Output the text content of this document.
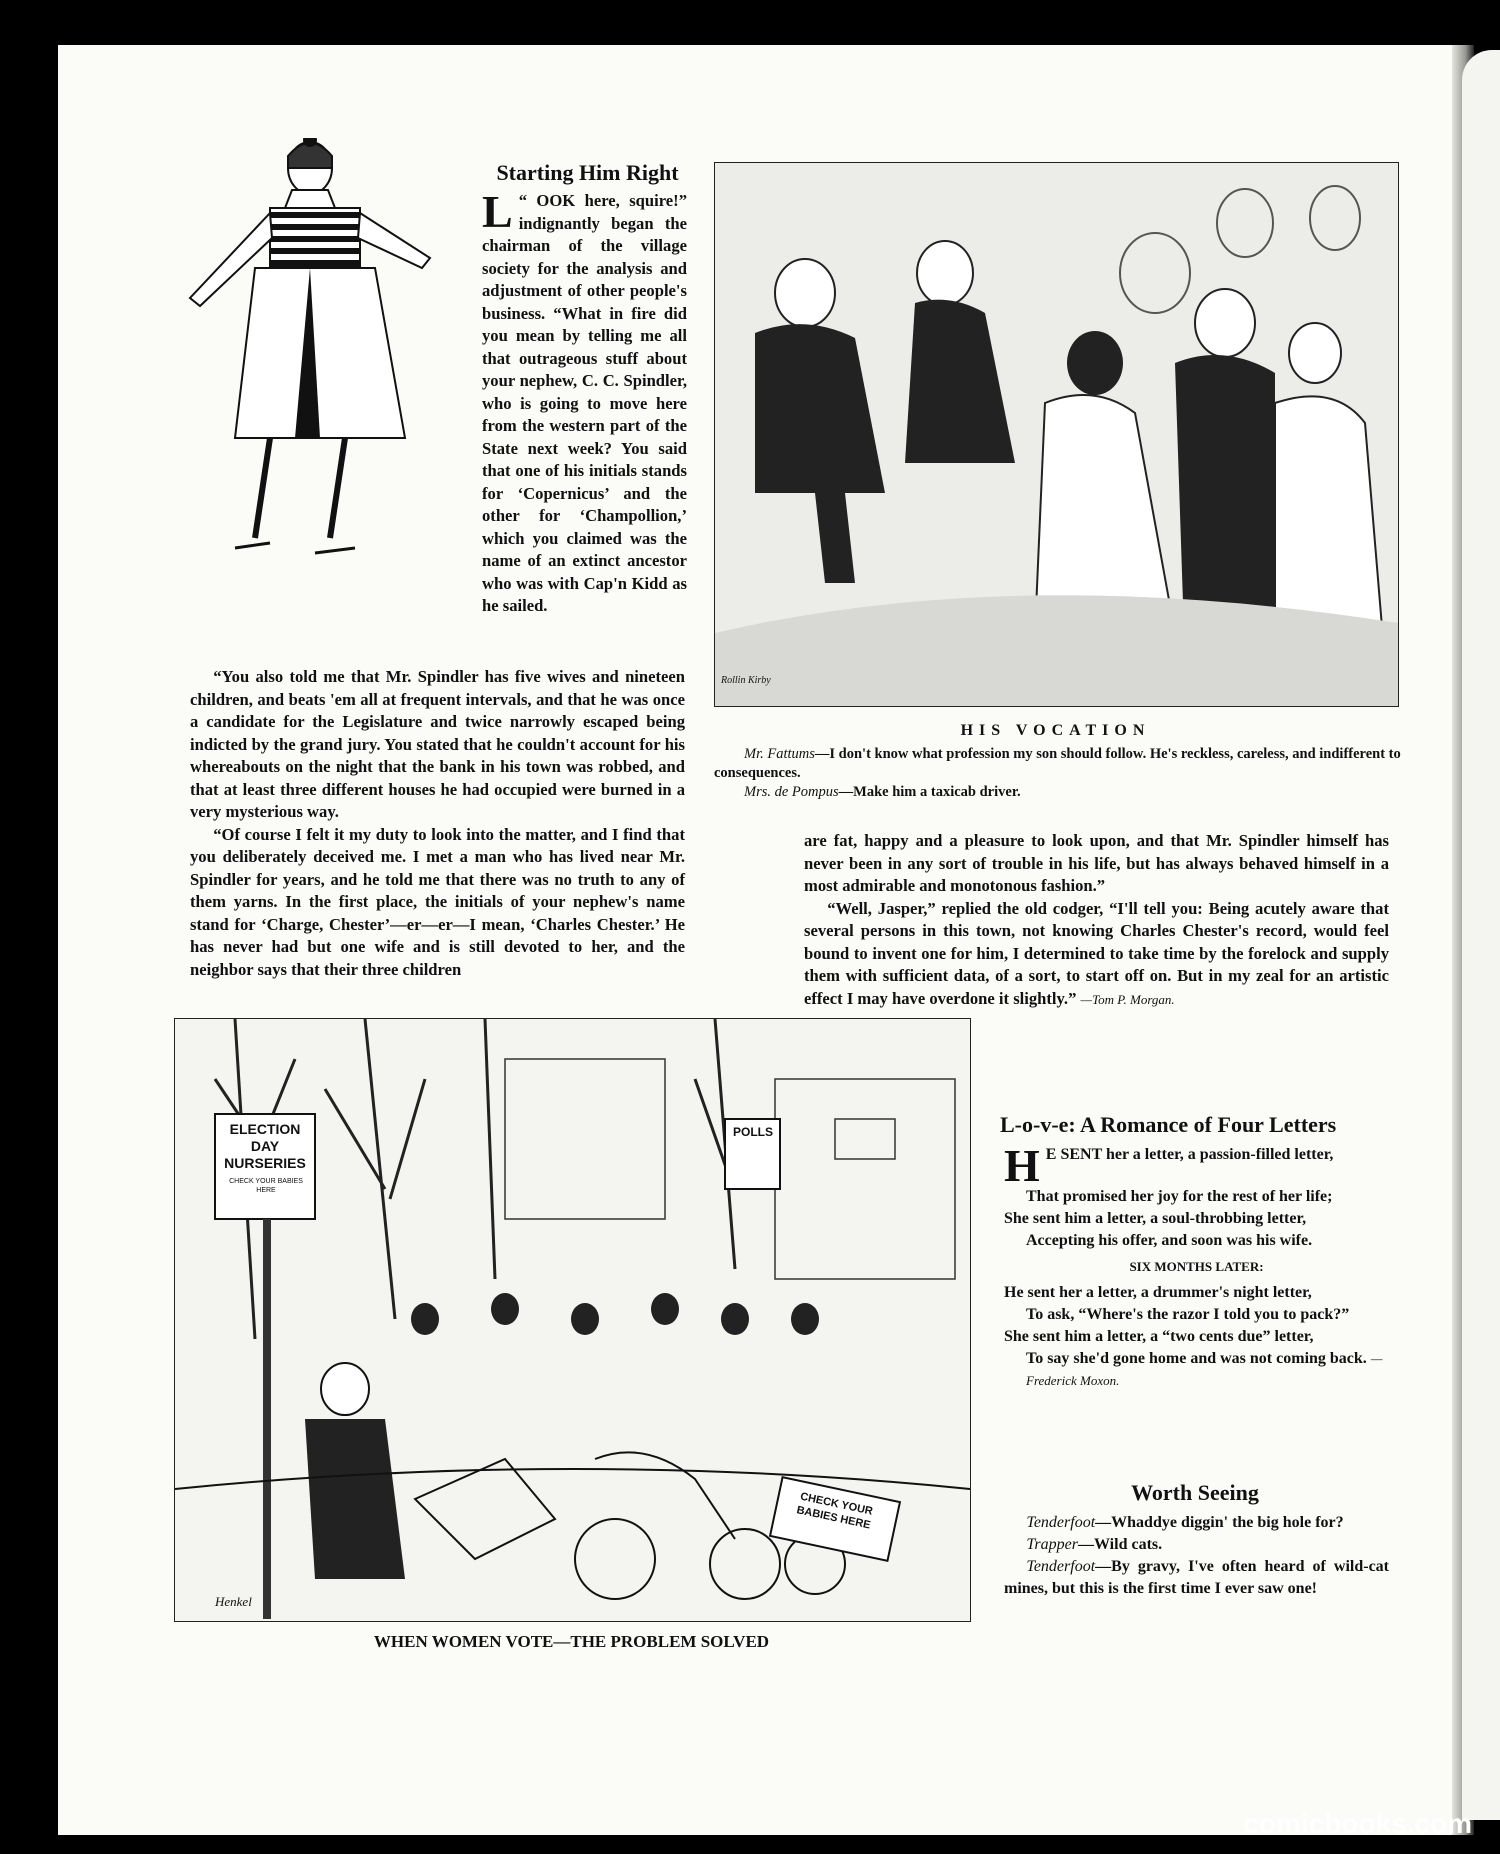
Starting Him Right

L “ OOK here, squire!” indignantly began the chairman of the village society for the analysis and adjustment of other people's business. “What in fire did you mean by telling me all that outrageous stuff about your nephew, C. C. Spindler, who is going to move here from the western part of the State next week? You said that one of his initials stands for ‘Copernicus’ and the other for ‘Champollion,’ which you claimed was the name of an extinct ancestor who was with Cap'n Kidd as he sailed.

“You also told me that Mr. Spindler has five wives and nineteen children, and beats 'em all at frequent intervals, and that he was once a candidate for the Legislature and twice narrowly escaped being indicted by the grand jury. You stated that he couldn't account for his whereabouts on the night that the bank in his town was robbed, and that at least three different houses he had occupied were burned in a very mysterious way.

“Of course I felt it my duty to look into the matter, and I find that you deliberately deceived me. I met a man who has lived near Mr. Spindler for years, and he told me that there was no truth to any of them yarns. In the first place, the initials of your nephew's name stand for ‘Charge, Chester’—er—er—I mean, ‘Charles Chester.’ He has never had but one wife and is still devoted to her, and the neighbor says that their three children

are fat, happy and a pleasure to look upon, and that Mr. Spindler himself has never been in any sort of trouble in his life, but has always behaved himself in a most admirable and monotonous fashion.”

“Well, Jasper,” replied the old codger, “I'll tell you: Being acutely aware that several persons in this town, not knowing Charles Chester's record, would feel bound to invent one for him, I determined to take time by the forelock and supply them with sufficient data, of a sort, to start off on. But in my zeal for an artistic effect I may have overdone it slightly.” —Tom P. Morgan.

Rollin Kirby
HIS VOCATION
Mr. Fattums—I don't know what profession my son should follow. He's reckless, careless, and indifferent to consequences.
Mrs. de Pompus—Make him a taxicab driver.
ELECTION DAY NURSERIES
CHECK YOUR BABIES HERE
POLLS
CHECK YOUR BABIES HERE
Henkel
WHEN WOMEN VOTE—THE PROBLEM SOLVED
L-o-v-e: A Romance of Four Letters
H E SENT her a letter, a passion-filled letter,
That promised her joy for the rest of her life;
She sent him a letter, a soul-throbbing letter,
Accepting his offer, and soon was his wife.
SIX MONTHS LATER:
He sent her a letter, a drummer's night letter,
To ask, “Where's the razor I told you to pack?”
She sent him a letter, a “two cents due” letter,
To say she'd gone home and was not coming back. —Frederick Moxon.
Worth Seeing

Tenderfoot—Whaddye diggin' the big hole for?

Trapper—Wild cats.

Tenderfoot—By gravy, I've often heard of wild-cat mines, but this is the first time I ever saw one!

comicbooks.com
